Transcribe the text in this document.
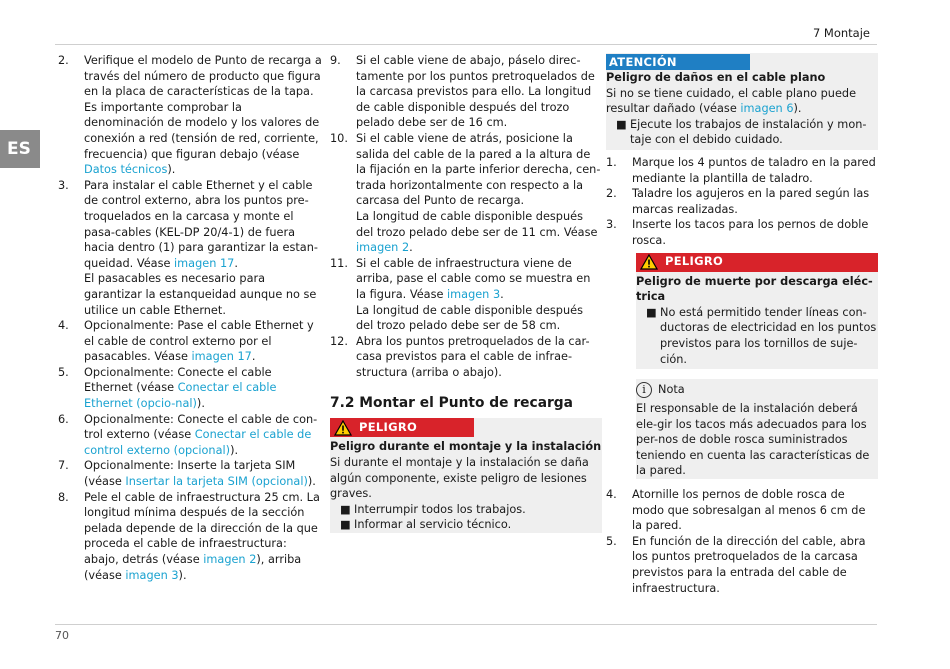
7 Montaje
ES
2. Verifique el modelo de Punto de recarga a través del número de producto que figura en la placa de características de la tapa.

Es importante comprobar la denominación de modelo y los valores de conexión a red (tensión de red, corriente, frecuencia) que figuran debajo (véase Datos técnicos).

3. Para instalar el cable Ethernet y el cable de control externo, abra los puntos pre-troquelados en la carcasa y monte el pasa-cables (KEL-DP 20/4-1) de fuera hacia dentro (1) para garantizar la estan-queidad. Véase imagen 17.

El pasacables es necesario para garantizar la estanqueidad aunque no se utilice un cable Ethernet.

4. Opcionalmente: Pase el cable Ethernet y el cable de control externo por el pasacables. Véase imagen 17.

5. Opcionalmente: Conecte el cable Ethernet (véase Conectar el cable Ethernet (opcio-nal)).

6. Opcionalmente: Conecte el cable de con-trol externo (véase Conectar el cable de control externo (opcional)).

7. Opcionalmente: Inserte la tarjeta SIM (véase Insertar la tarjeta SIM (opcional)).

8. Pele el cable de infraestructura 25 cm. La longitud mínima después de la sección pelada depende de la dirección de la que proceda el cable de infraestructura: abajo, detrás (véase imagen 2), arriba (véase imagen 3).

9. Si el cable viene de abajo, páselo direc-tamente por los puntos pretroquelados de la carcasa previstos para ello. La longitud de cable disponible después del trozo pelado debe ser de 16 cm.

10. Si el cable viene de atrás, posicione la salida del cable de la pared a la altura de la fijación en la parte inferior derecha, cen-trada horizontalmente con respecto a la carcasa del Punto de recarga.

La longitud de cable disponible después del trozo pelado debe ser de 11 cm. Véase imagen 2.

11. Si el cable de infraestructura viene de arriba, pase el cable como se muestra en la figura. Véase imagen 3.

La longitud de cable disponible después del trozo pelado debe ser de 58 cm.

12. Abra los puntos pretroquelados de la car-casa previstos para el cable de infrae-structura (arriba o abajo).

7.2 Montar el Punto de recarga
PELIGRO
Peligro durante el montaje y la instalación
Si durante el montaje y la instalación se daña algún componente, existe peligro de lesiones graves.
■ Interrumpir todos los trabajos.
■ Informar al servicio técnico.
ATENCIÓN
Peligro de daños en el cable plano
Si no se tiene cuidado, el cable plano puede resultar dañado (véase imagen 6).
■ Ejecute los trabajos de instalación y mon-taje con el debido cuidado.
1. Marque los 4 puntos de taladro en la pared mediante la plantilla de taladro.

2. Taladre los agujeros en la pared según las marcas realizadas.

3. Inserte los tacos para los pernos de doble rosca.

PELIGRO
Peligro de muerte por descarga eléc-trica
■ No está permitido tender líneas con-ductoras de electricidad en los puntos previstos para los tornillos de suje-ción.
i	Nota
El responsable de la instalación deberá ele-gir los tacos más adecuados para los per-nos de doble rosca suministrados teniendo en cuenta las características de la pared.
4. Atornille los pernos de doble rosca de modo que sobresalgan al menos 6 cm de la pared.

5. En función de la dirección del cable, abra los puntos pretroquelados de la carcasa previstos para la entrada del cable de infraestructura.

70
